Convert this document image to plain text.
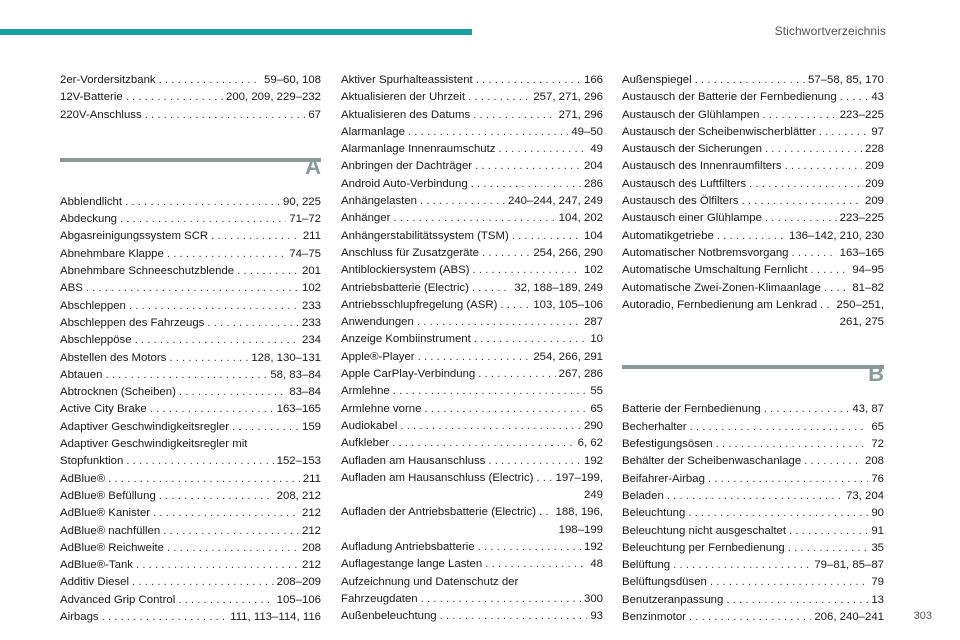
Stichwortverzeichnis
2er-Vordersitzbank . . .	59–60, 108
12V-Batterie . . .	200, 209, 229–232
220V-Anschluss . . .	67
A
Abblendlicht . . .	90, 225
Abdeckung . . .	71–72
Abgasreinigungssystem SCR . . .	211
Abnehmbare Klappe . . .	74–75
Abnehmbare Schneeschutzblende . . .	201
ABS . . .	102
Abschleppen . . .	233
Abschleppen des Fahrzeugs . . .	233
Abschleppöse . . .	234
Abstellen des Motors . . .	128, 130–131
Abtauen . . .	58, 83–84
Abtrocknen (Scheiben) . . .	83–84
Active City Brake . . .	163–165
Adaptiver Geschwindigkeitsregler . . .	159
Adaptiver Geschwindigkeitsregler mit
Stopfunktion . . .	152–153
AdBlue® . . .	211
AdBlue® Befüllung . . .	208, 212
AdBlue® Kanister . . .	212
AdBlue® nachfüllen . . .	212
AdBlue® Reichweite . . .	208
AdBlue®-Tank . . .	212
Additiv Diesel . . .	208–209
Advanced Grip Control . . .	105–106
Airbags . . .	111, 113–114, 116
Aktiver Spurhalteassistent . . .	166
Aktualisieren der Uhrzeit . . .	257, 271, 296
Aktualisieren des Datums . . .	271, 296
Alarmanlage . . .	49–50
Alarmanlage Innenraumschutz . . .	49
Anbringen der Dachträger . . .	204
Android Auto-Verbindung . . .	286
Anhängelasten . . .	240–244, 247, 249
Anhänger . . .	104, 202
Anhängerstabilitätssystem (TSM) . . .	104
Anschluss für Zusatzgeräte . . .	254, 266, 290
Antiblockiersystem (ABS) . . .	102
Antriebsbatterie (Electric) . . .	32, 188–189, 249
Antriebsschlupfregelung (ASR) . . .	103, 105–106
Anwendungen . . .	287
Anzeige Kombiinstrument . . .	10
Apple®-Player . . .	254, 266, 291
Apple CarPlay-Verbindung . . .	267, 286
Armlehne . . .	55
Armlehne vorne . . .	65
Audiokabel . . .	290
Aufkleber . . .	6, 62
Aufladen am Hausanschluss . . .	192
Aufladen am Hausanschluss (Electric) . . . 197–199,
249
Aufladen der Antriebsbatterie (Electric) . . . 188, 196,
198–199
Aufladung Antriebsbatterie . . .	192
Auflagestange lange Lasten . . .	48
Aufzeichnung und Datenschutz der
Fahrzeugdaten . . .	300
Außenbeleuchtung . . .	93
Außenspiegel . . .	57–58, 85, 170
Austausch der Batterie der Fernbedienung . . .	43
Austausch der Glühlampen . . .	223–225
Austausch der Scheibenwischerblätter . . .	97
Austausch der Sicherungen . . .	228
Austausch des Innenraumfilters . . .	209
Austausch des Luftfilters . . .	209
Austausch des Ölfilters . . .	209
Austausch einer Glühlampe . . .	223–225
Automatikgetriebe . . .	136–142, 210, 230
Automatischer Notbremsvorgang . . .	163–165
Automatische Umschaltung Fernlicht . . .	94–95
Automatische Zwei-Zonen-Klimaanlage . . .	81–82
Autoradio, Fernbedienung am Lenkrad . . . 250–251,
261, 275
B
Batterie der Fernbedienung . . .	43, 87
Becherhalter . . .	65
Befestigungsösen . . .	72
Behälter der Scheibenwaschanlage . . .	208
Beifahrer-Airbag . . .	76
Beladen . . .	73, 204
Beleuchtung . . .	90
Beleuchtung nicht ausgeschaltet . . .	91
Beleuchtung per Fernbedienung . . .	35
Belüftung . . .	79–81, 85–87
Belüftungsdüsen . . .	79
Benutzeranpassung . . .	13
Benzinmotor . . .	206, 240–241	303
